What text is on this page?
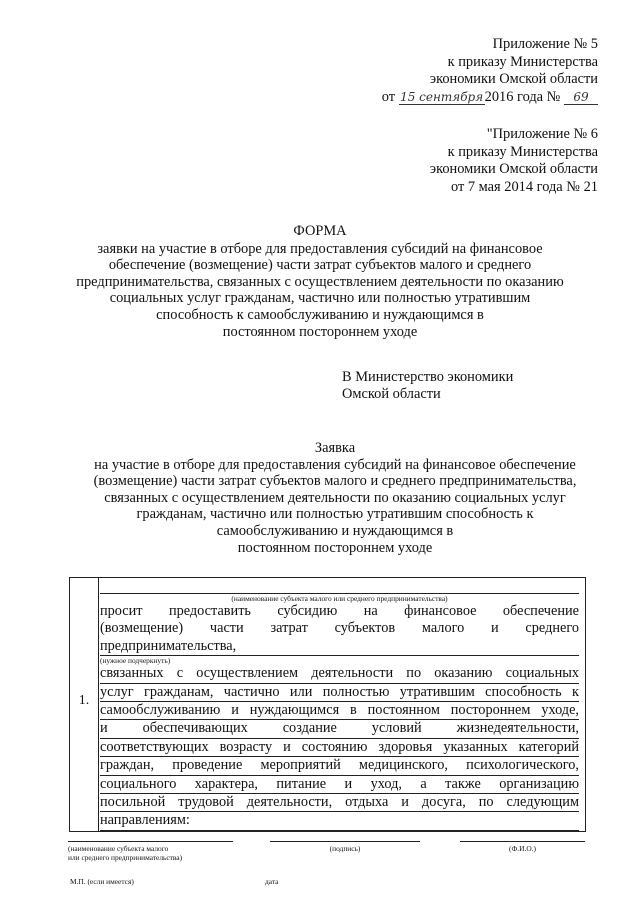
Приложение № 5
к приказу Министерства
экономики Омской области
от 15 сентября2016 года № 69
"Приложение № 6
к приказу Министерства
экономики Омской области
от 7 мая 2014 года № 21
ФОРМА
заявки на участие в отборе для предоставления субсидий на финансовое
обеспечение (возмещение) части затрат субъектов малого и среднего
предпринимательства, связанных с осуществлением деятельности по оказанию
социальных услуг гражданам, частично или полностью утратившим
способность к самообслуживанию и нуждающимся в
постоянном постороннем уходе
В Министерство экономики
Омской области
Заявка
на участие в отборе для предоставления субсидий на финансовое обеспечение
(возмещение) части затрат субъектов малого и среднего предпринимательства,
связанных с осуществлением деятельности по оказанию социальных услуг
гражданам, частично или полностью утратившим способность к
самообслуживанию и нуждающимся в
постоянном постороннем уходе
1.
(наименование субъекта малого или среднего предпринимательства)
просит предоставить субсидию на финансовое обеспечение
(возмещение) части затрат субъектов малого и среднего
предпринимательства,
(нужное подчеркнуть)
связанных с осуществлением деятельности по оказанию социальных
услуг гражданам, частично или полностью утратившим способность к
самообслуживанию и нуждающимся в постоянном постороннем уходе,
и обеспечивающих создание условий жизнедеятельности,
соответствующих возрасту и состоянию здоровья указанных категорий
граждан, проведение мероприятий медицинского, психологического,
социального характера, питание и уход, а также организацию
посильной трудовой деятельности, отдыха и досуга, по следующим
направлениям:
(наименование субъекта малого
или среднего предпринимательства)
(подпись)	(Ф.И.О.)
М.П. (если имеется)	дата
